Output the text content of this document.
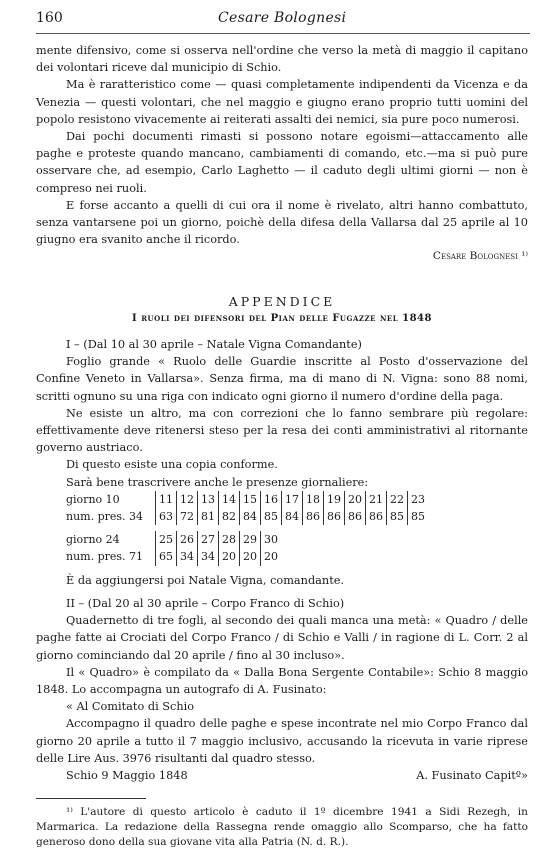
160	Cesare Bolognesi

mente difensivo, come si osserva nell'ordine che verso la metà di maggio il capitano dei volontari riceve dal municipio di Schio.

Ma è raratteristico come — quasi completamente indipendenti da Vicenza e da Venezia — questi volontari, che nel maggio e giugno erano proprio tutti uomini del popolo resistono vivacemente ai reiterati assalti dei nemici, sia pure poco numerosi.

Dai pochi documenti rimasti si possono notare egoismi—attaccamento alle paghe e proteste quando mancano, cambiamenti di comando, etc.—ma si può pure osservare che, ad esempio, Carlo Laghetto — il caduto degli ultimi giorni — non è compreso nei ruoli.

E forse accanto a quelli di cui ora il nome è rivelato, altri hanno combattuto, senza vantarsene poi un giorno, poichè della difesa della Vallarsa dal 25 aprile al 10 giugno era svanito anche il ricordo.

Cesare Bolognesi ¹⁾

APPENDICE

I ruoli dei difensori del Pian delle Fugazze nel 1848

I – (Dal 10 al 30 aprile – Natale Vigna Comandante)

Foglio grande « Ruolo delle Guardie inscritte al Posto d'osservazione del Confine Veneto in Vallarsa». Senza firma, ma di mano di N. Vigna: sono 88 nomi, scritti ognuno su una riga con indicato ogni giorno il numero d'ordine della paga.

Ne esiste un altro, ma con correzioni che lo fanno sembrare più regolare: effettivamente deve ritenersi steso per la resa dei conti amministrativi al ritornante governo austriaco.

Di questo esiste una copia conforme.

Sarà bene trascrivere anche le presenze giornaliere:

giorno 10		11	12	13	14	15	16	17	18	19	20	21	22	23
num. pres. 34		63	72	81	82	84	85	84	86	86	86	86	85	85
giorno 24		25	26	27	28	29	30
num. pres. 71		65	34	34	20	20	20

È da aggiungersi poi Natale Vigna, comandante.

II – (Dal 20 al 30 aprile – Corpo Franco di Schio)

Quadernetto di tre fogli, al secondo dei quali manca una metà: « Quadro / delle paghe fatte ai Crociati del Corpo Franco / di Schio e Valli / in ragione di L. Corr. 2 al giorno cominciando dal 20 aprile / fino al 30 incluso».

Il « Quadro» è compilato da « Dalla Bona Sergente Contabile»: Schio 8 maggio 1848. Lo accompagna un autografo di A. Fusinato:

« Al Comitato di Schio

Accompagno il quadro delle paghe e spese incontrate nel mio Corpo Franco dal giorno 20 aprile a tutto il 7 maggio inclusivo, accusando la ricevuta in varie riprese delle Lire Aus. 3976 risultanti dal quadro stesso.

Schio 9 Maggio 1848	A. Fusinato Capitº»

¹⁾ L'autore di questo articolo è caduto il 1º dicembre 1941 a Sidi Rezegh, in Marmarica. La redazione della Rassegna rende omaggio allo Scomparso, che ha fatto generoso dono della sua giovane vita alla Patria (N. d. R.).
